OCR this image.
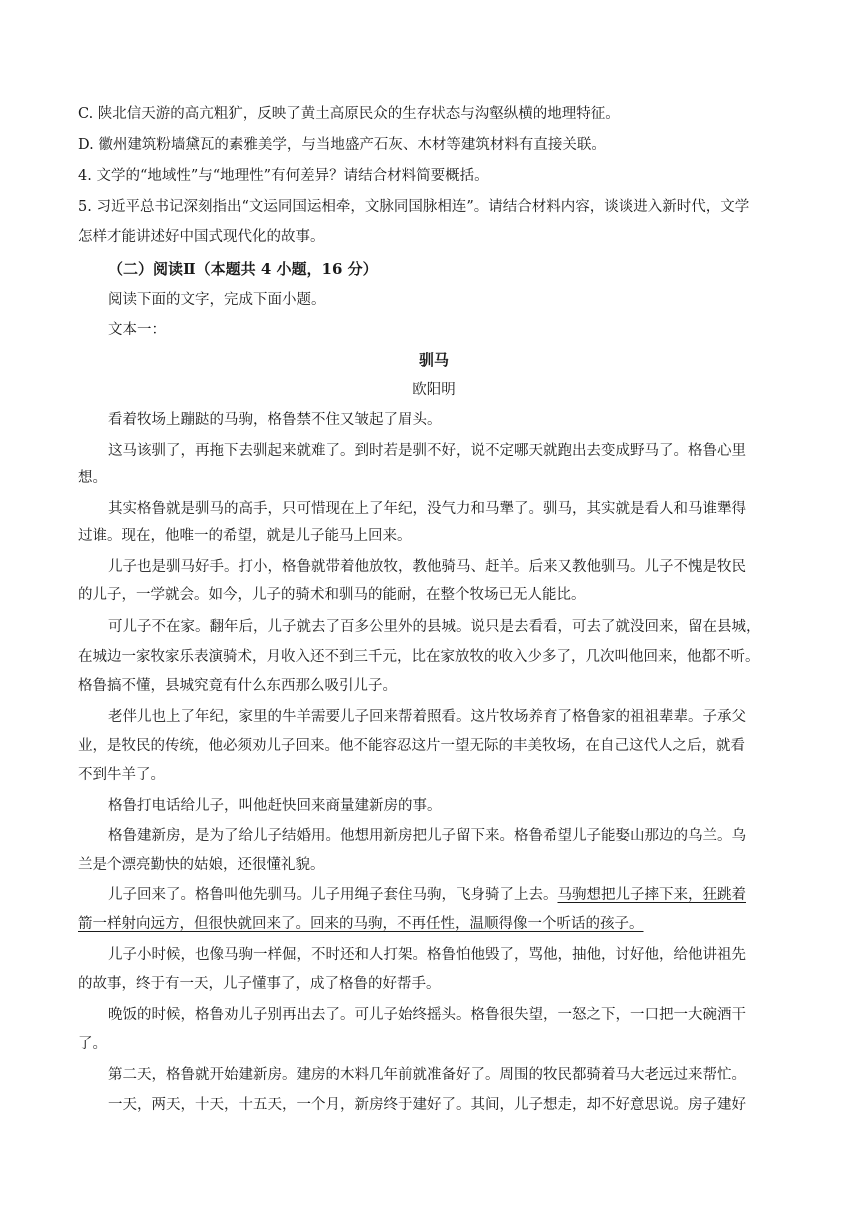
C. 陕北信天游的高亢粗犷，反映了黄土高原民众的生存状态与沟壑纵横的地理特征。
D. 徽州建筑粉墙黛瓦的素雅美学，与当地盛产石灰、木材等建筑材料有直接关联。
4. 文学的“地域性”与“地理性”有何差异？请结合材料简要概括。
5. 习近平总书记深刻指出“文运同国运相牵，文脉同国脉相连”。请结合材料内容，谈谈进入新时代，文学
怎样才能讲述好中国式现代化的故事。
（二）阅读Ⅱ（本题共 4 小题，16 分）
阅读下面的文字，完成下面小题。
文本一：
驯马
欧阳明
看着牧场上蹦跶的马驹，格鲁禁不住又皱起了眉头。
这马该驯了，再拖下去驯起来就难了。到时若是驯不好，说不定哪天就跑出去变成野马了。格鲁心里
想。
其实格鲁就是驯马的高手，只可惜现在上了年纪，没气力和马犟了。驯马，其实就是看人和马谁犟得
过谁。现在，他唯一的希望，就是儿子能马上回来。
儿子也是驯马好手。打小，格鲁就带着他放牧，教他骑马、赶羊。后来又教他驯马。儿子不愧是牧民
的儿子，一学就会。如今，儿子的骑术和驯马的能耐，在整个牧场已无人能比。
可儿子不在家。翻年后，儿子就去了百多公里外的县城。说只是去看看，可去了就没回来，留在县城，
在城边一家牧家乐表演骑术，月收入还不到三千元，比在家放牧的收入少多了，几次叫他回来，他都不听。
格鲁搞不懂，县城究竟有什么东西那么吸引儿子。
老伴儿也上了年纪，家里的牛羊需要儿子回来帮着照看。这片牧场养育了格鲁家的祖祖辈辈。子承父
业，是牧民的传统，他必须劝儿子回来。他不能容忍这片一望无际的丰美牧场，在自己这代人之后，就看
不到牛羊了。
格鲁打电话给儿子，叫他赶快回来商量建新房的事。
格鲁建新房，是为了给儿子结婚用。他想用新房把儿子留下来。格鲁希望儿子能娶山那边的乌兰。乌
兰是个漂亮勤快的姑娘，还很懂礼貌。
儿子回来了。格鲁叫他先驯马。儿子用绳子套住马驹，飞身骑了上去。马驹想把儿子摔下来，狂跳着
箭一样射向远方，但很快就回来了。回来的马驹，不再任性，温顺得像一个听话的孩子。
儿子小时候，也像马驹一样倔，不时还和人打架。格鲁怕他毁了，骂他，抽他，讨好他，给他讲祖先
的故事，终于有一天，儿子懂事了，成了格鲁的好帮手。
晚饭的时候，格鲁劝儿子别再出去了。可儿子始终摇头。格鲁很失望，一怒之下，一口把一大碗酒干
了。
第二天，格鲁就开始建新房。建房的木料几年前就准备好了。周围的牧民都骑着马大老远过来帮忙。
一天，两天，十天，十五天，一个月，新房终于建好了。其间，儿子想走，却不好意思说。房子建好
